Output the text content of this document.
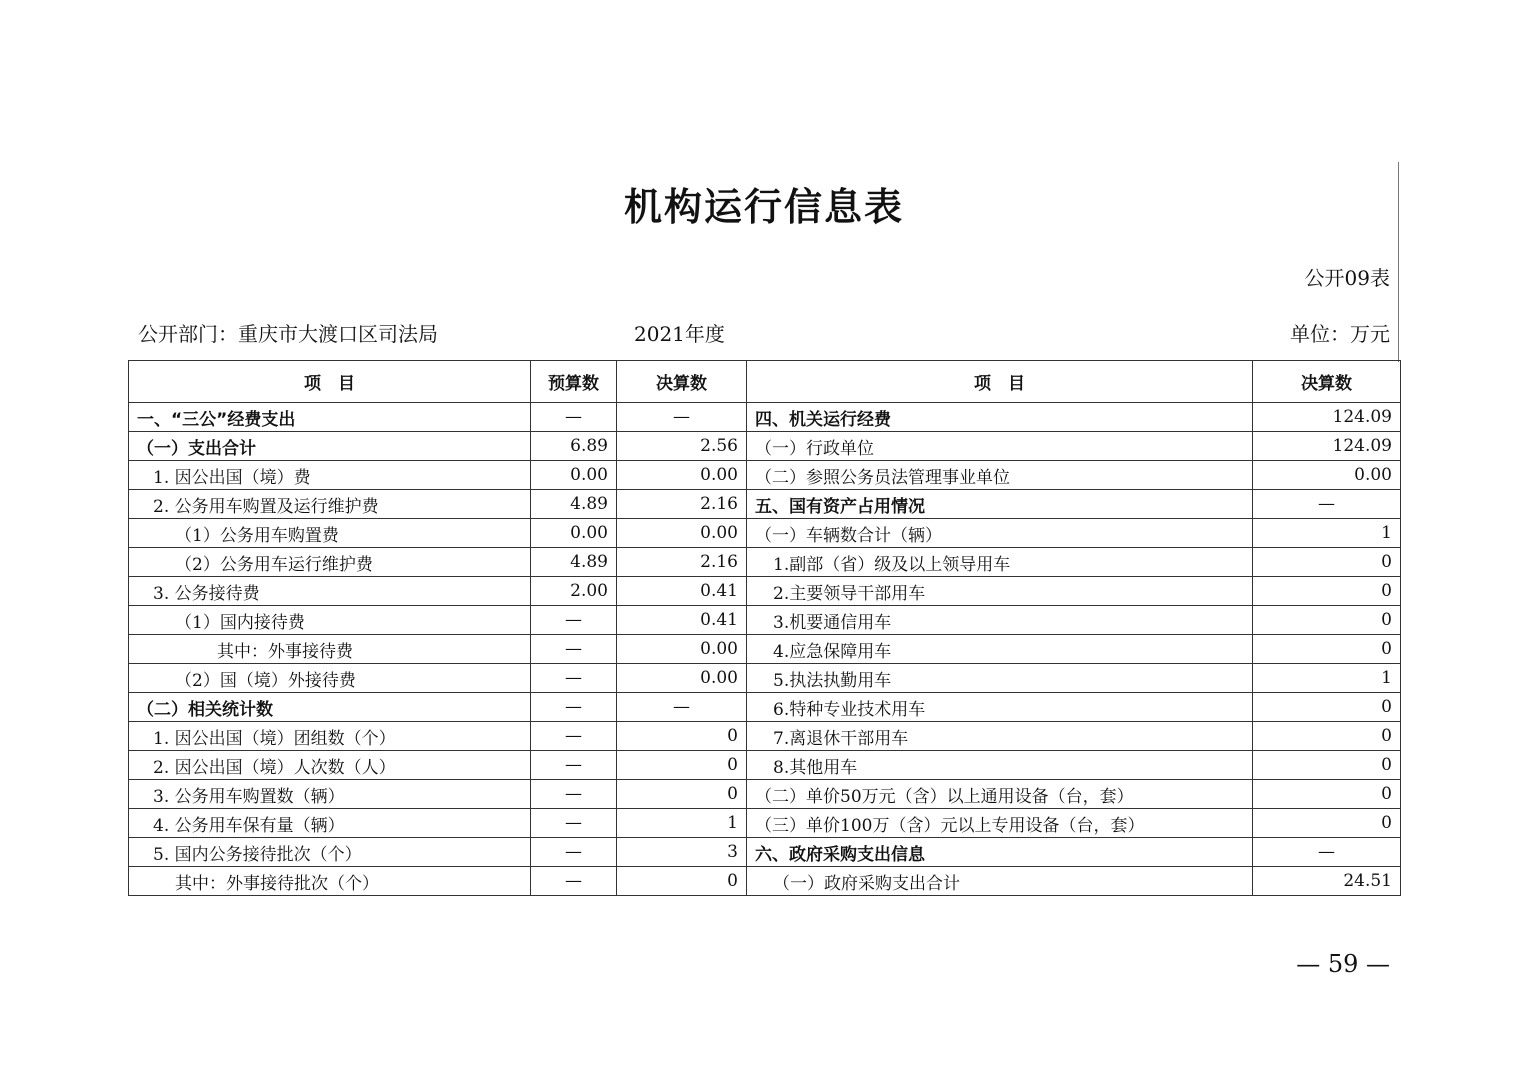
机构运行信息表
公开09表
公开部门：重庆市大渡口区司法局	2021年度	单位：万元
项　目	预算数	决算数	项　目	决算数
一、“三公”经费支出	—	—	四、机关运行经费	124.09
（一）支出合计	6.89	2.56	（一）行政单位	124.09
1. 因公出国（境）费	0.00	0.00	（二）参照公务员法管理事业单位	0.00
2. 公务用车购置及运行维护费	4.89	2.16	五、国有资产占用情况	—
（1）公务用车购置费	0.00	0.00	（一）车辆数合计（辆）	1
（2）公务用车运行维护费	4.89	2.16	1.副部（省）级及以上领导用车	0
3. 公务接待费	2.00	0.41	2.主要领导干部用车	0
（1）国内接待费	—	0.41	3.机要通信用车	0
其中：外事接待费	—	0.00	4.应急保障用车	0
（2）国（境）外接待费	—	0.00	5.执法执勤用车	1
（二）相关统计数	—	—	6.特种专业技术用车	0
1. 因公出国（境）团组数（个）	—	0	7.离退休干部用车	0
2. 因公出国（境）人次数（人）	—	0	8.其他用车	0
3. 公务用车购置数（辆）	—	0	（二）单价50万元（含）以上通用设备（台，套）	0
4. 公务用车保有量（辆）	—	1	（三）单价100万（含）元以上专用设备（台，套）	0
5. 国内公务接待批次（个）	—	3	六、政府采购支出信息	—
其中：外事接待批次（个）	—	0	（一）政府采购支出合计	24.51
— 59 —
